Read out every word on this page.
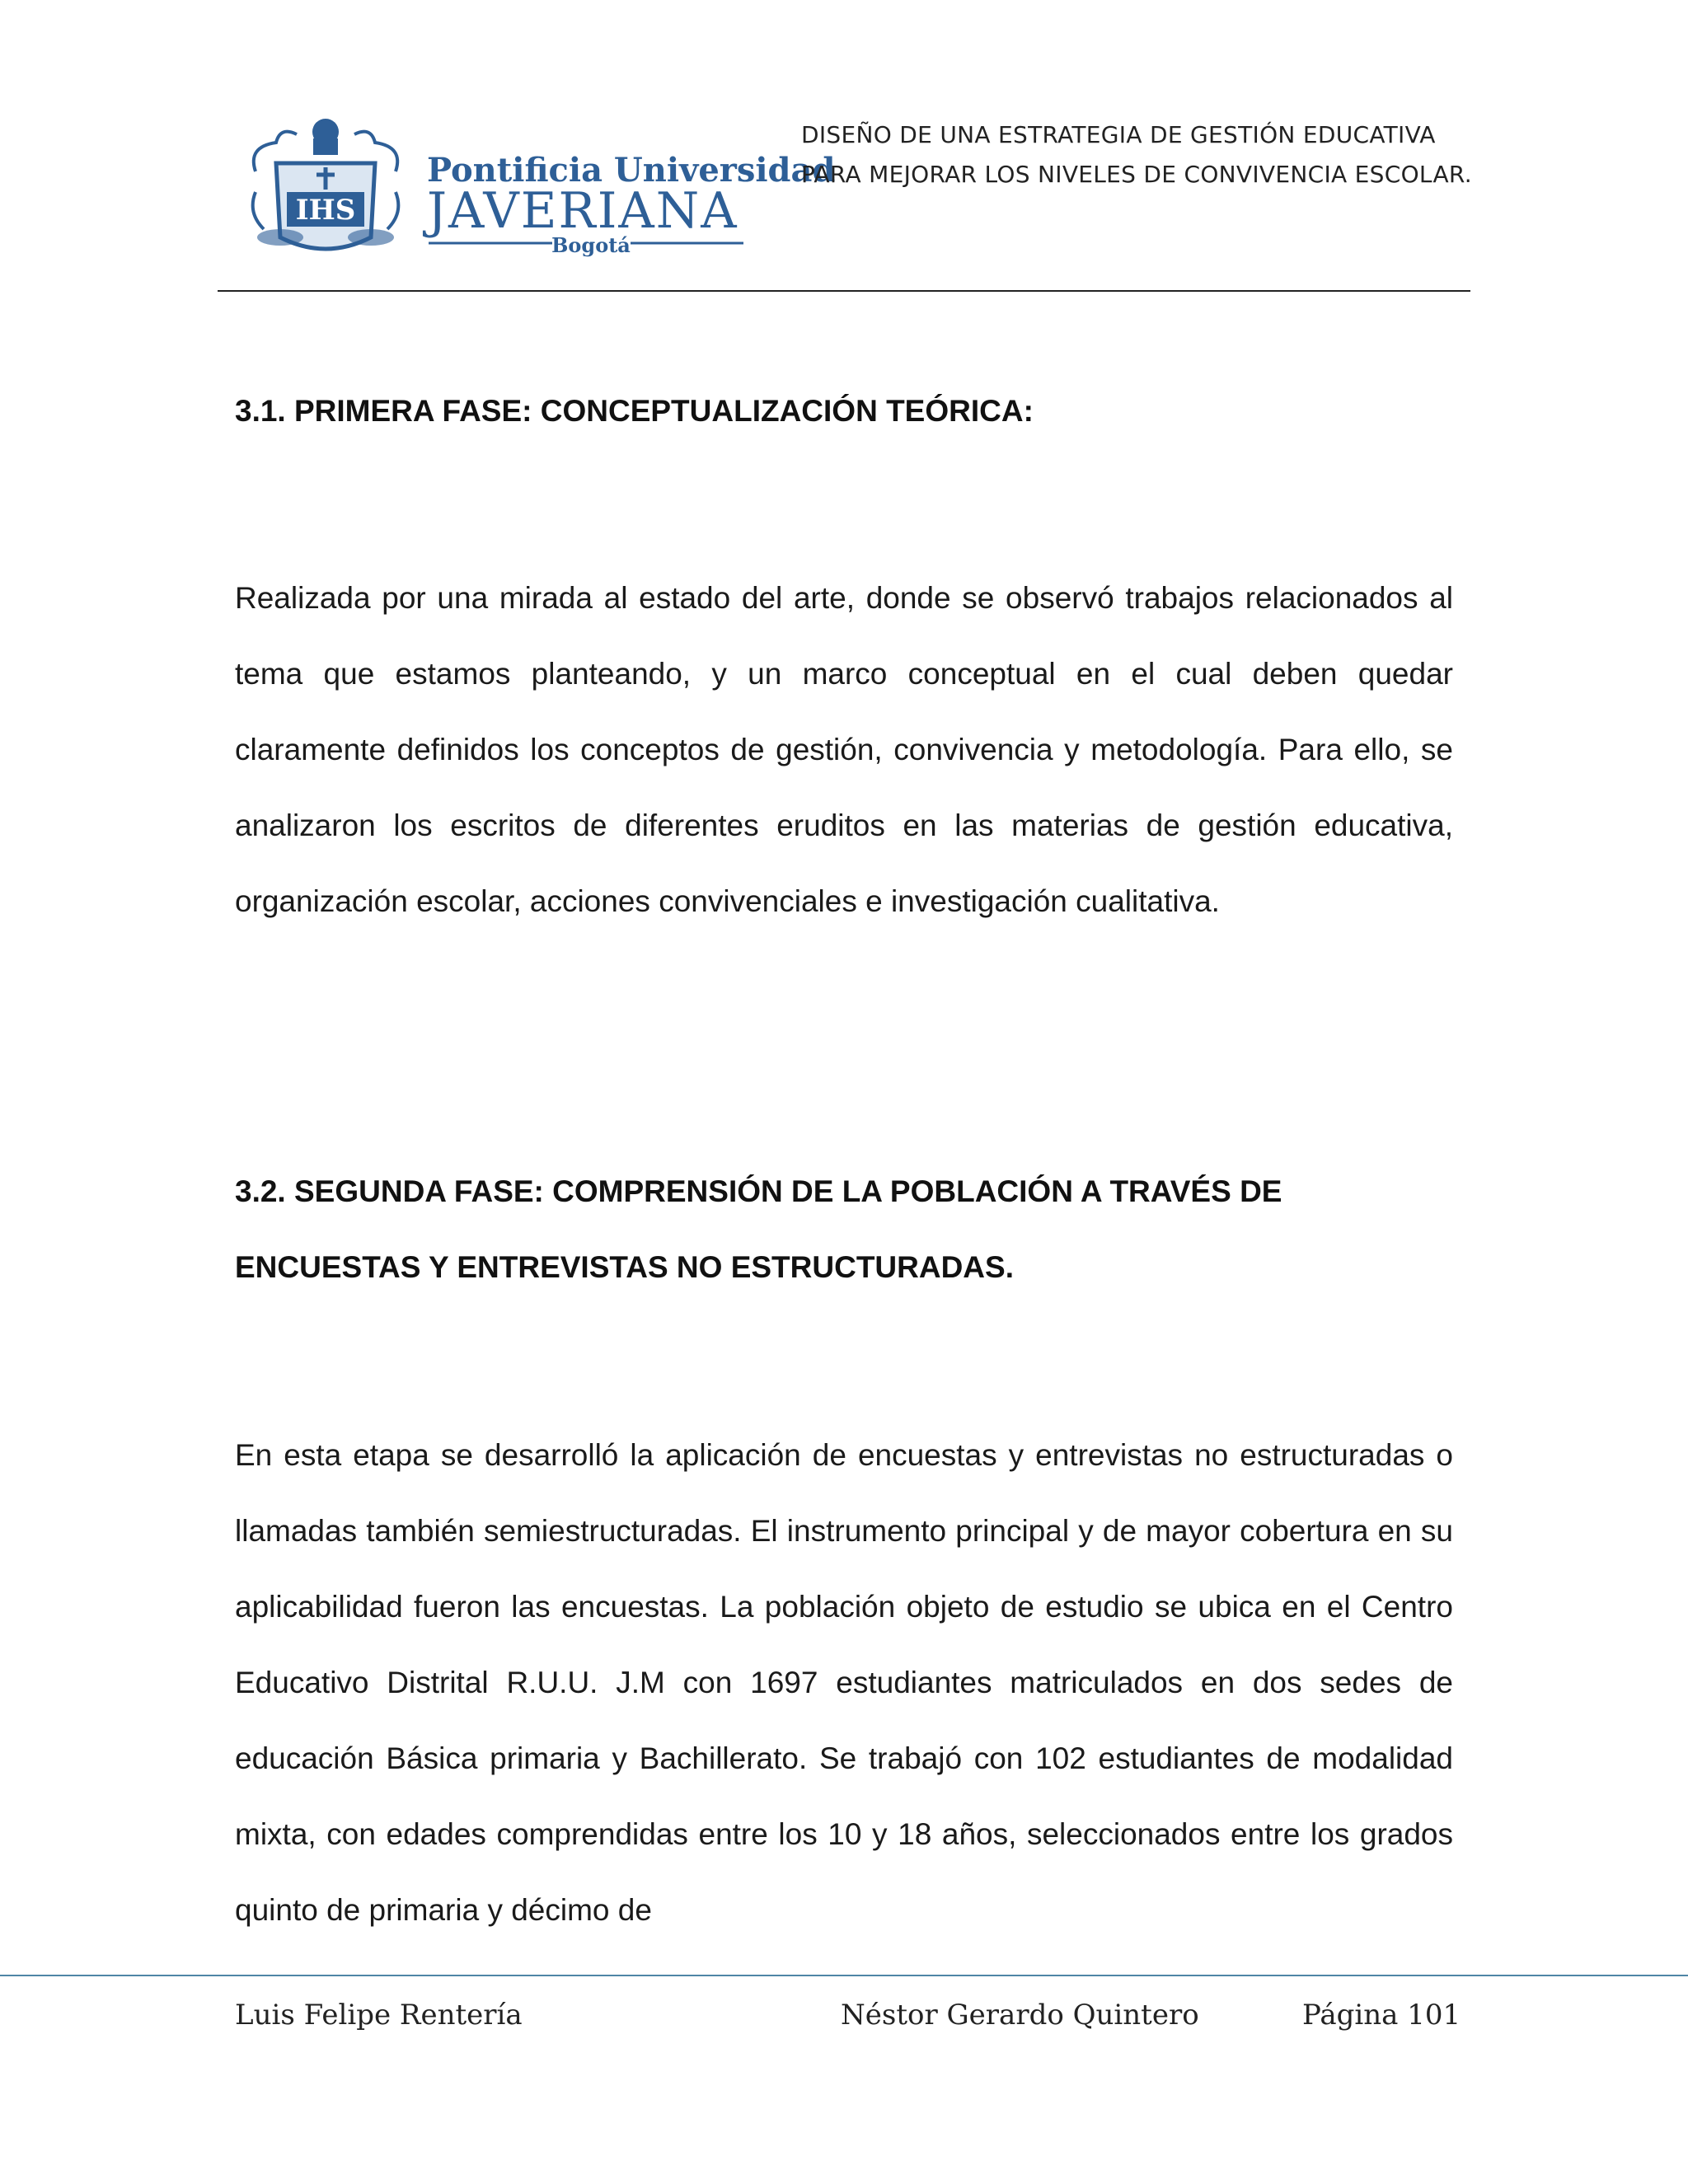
IHS
Pontificia Universidad
JAVERIANA
Bogotá
DISEÑO DE UNA ESTRATEGIA DE GESTIÓN EDUCATIVA
PARA MEJORAR LOS NIVELES DE CONVIVENCIA ESCOLAR.
3.1. PRIMERA FASE: CONCEPTUALIZACIÓN TEÓRICA:

Realizada por una mirada al estado del arte, donde se observó trabajos relacionados al tema que estamos planteando, y un marco conceptual en el cual deben quedar claramente definidos los conceptos de gestión, convivencia y metodología. Para ello, se analizaron los escritos de diferentes eruditos en las materias de gestión educativa, organización escolar, acciones convivenciales e investigación cualitativa.

3.2. SEGUNDA FASE: COMPRENSIÓN DE LA POBLACIÓN A TRAVÉS DE
ENCUESTAS Y ENTREVISTAS NO ESTRUCTURADAS.

En esta etapa se desarrolló la aplicación de encuestas y entrevistas no estructuradas o llamadas también semiestructuradas. El instrumento principal y de mayor cobertura en su aplicabilidad fueron las encuestas. La población objeto de estudio se ubica en el Centro Educativo Distrital R.U.U. J.M con 1697 estudiantes matriculados en dos sedes de educación Básica primaria y Bachillerato. Se trabajó con 102 estudiantes de modalidad mixta, con edades comprendidas entre los 10 y 18 años, seleccionados entre los grados quinto de primaria y décimo de

Luis Felipe Rentería	Néstor Gerardo Quintero	Página 101
